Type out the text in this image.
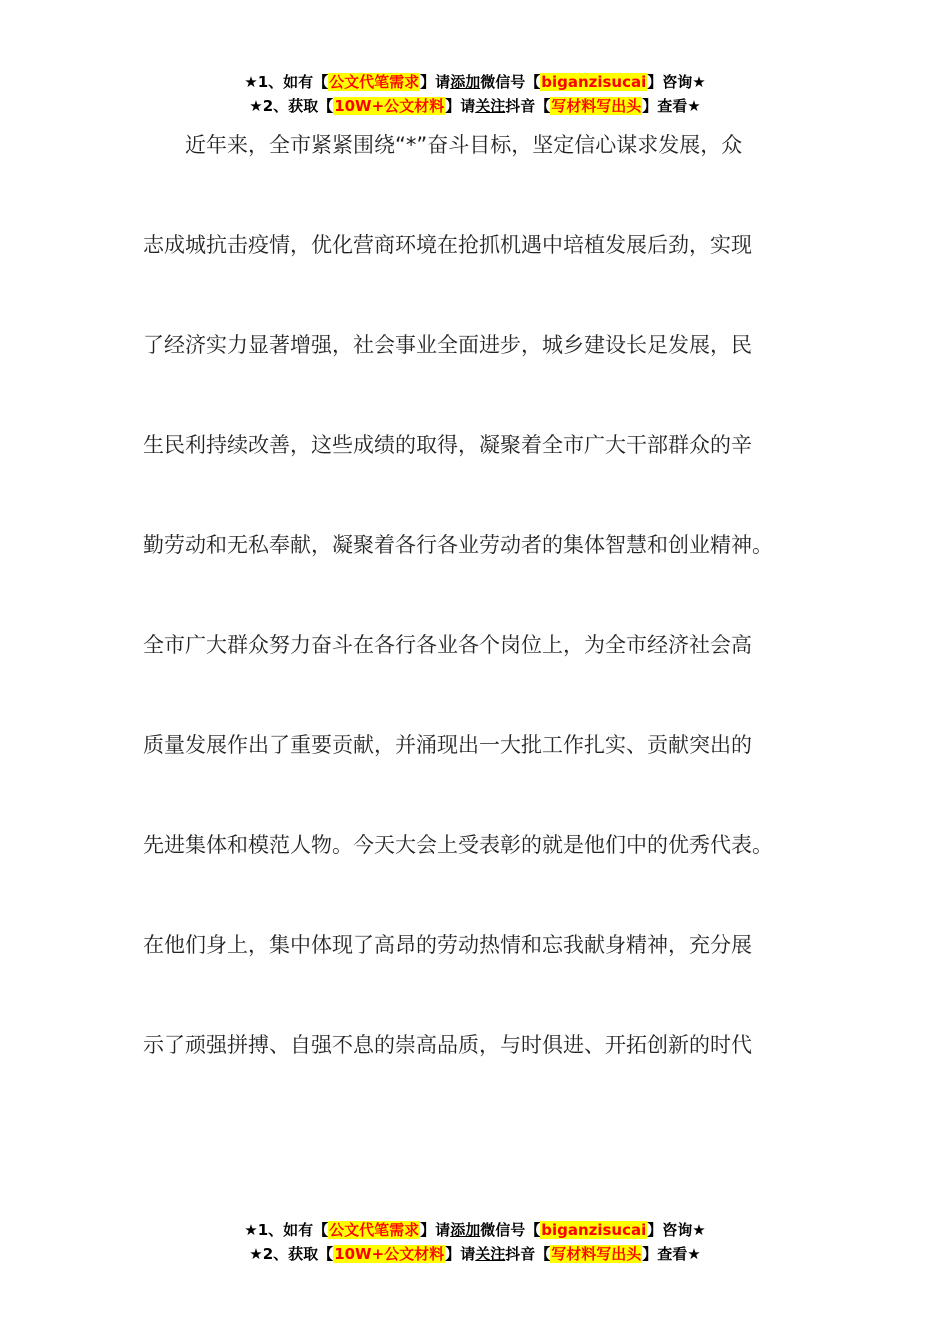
★1、如有【公文代笔需求】请添加微信号【biganzisucai】咨询★
★2、获取【10W+公文材料】请关注抖音【写材料写出头】查看★
　　近年来，全市紧紧围绕“*”奋斗目标，坚定信心谋求发展，众
志成城抗击疫情，优化营商环境在抢抓机遇中培植发展后劲，实现
了经济实力显著增强，社会事业全面进步，城乡建设长足发展，民
生民利持续改善，这些成绩的取得，凝聚着全市广大干部群众的辛
勤劳动和无私奉献，凝聚着各行各业劳动者的集体智慧和创业精神。
全市广大群众努力奋斗在各行各业各个岗位上，为全市经济社会高
质量发展作出了重要贡献，并涌现出一大批工作扎实、贡献突出的
先进集体和模范人物。今天大会上受表彰的就是他们中的优秀代表。
在他们身上，集中体现了高昂的劳动热情和忘我献身精神，充分展
示了顽强拼搏、自强不息的崇高品质，与时俱进、开拓创新的时代
★1、如有【公文代笔需求】请添加微信号【biganzisucai】咨询★
★2、获取【10W+公文材料】请关注抖音【写材料写出头】查看★
